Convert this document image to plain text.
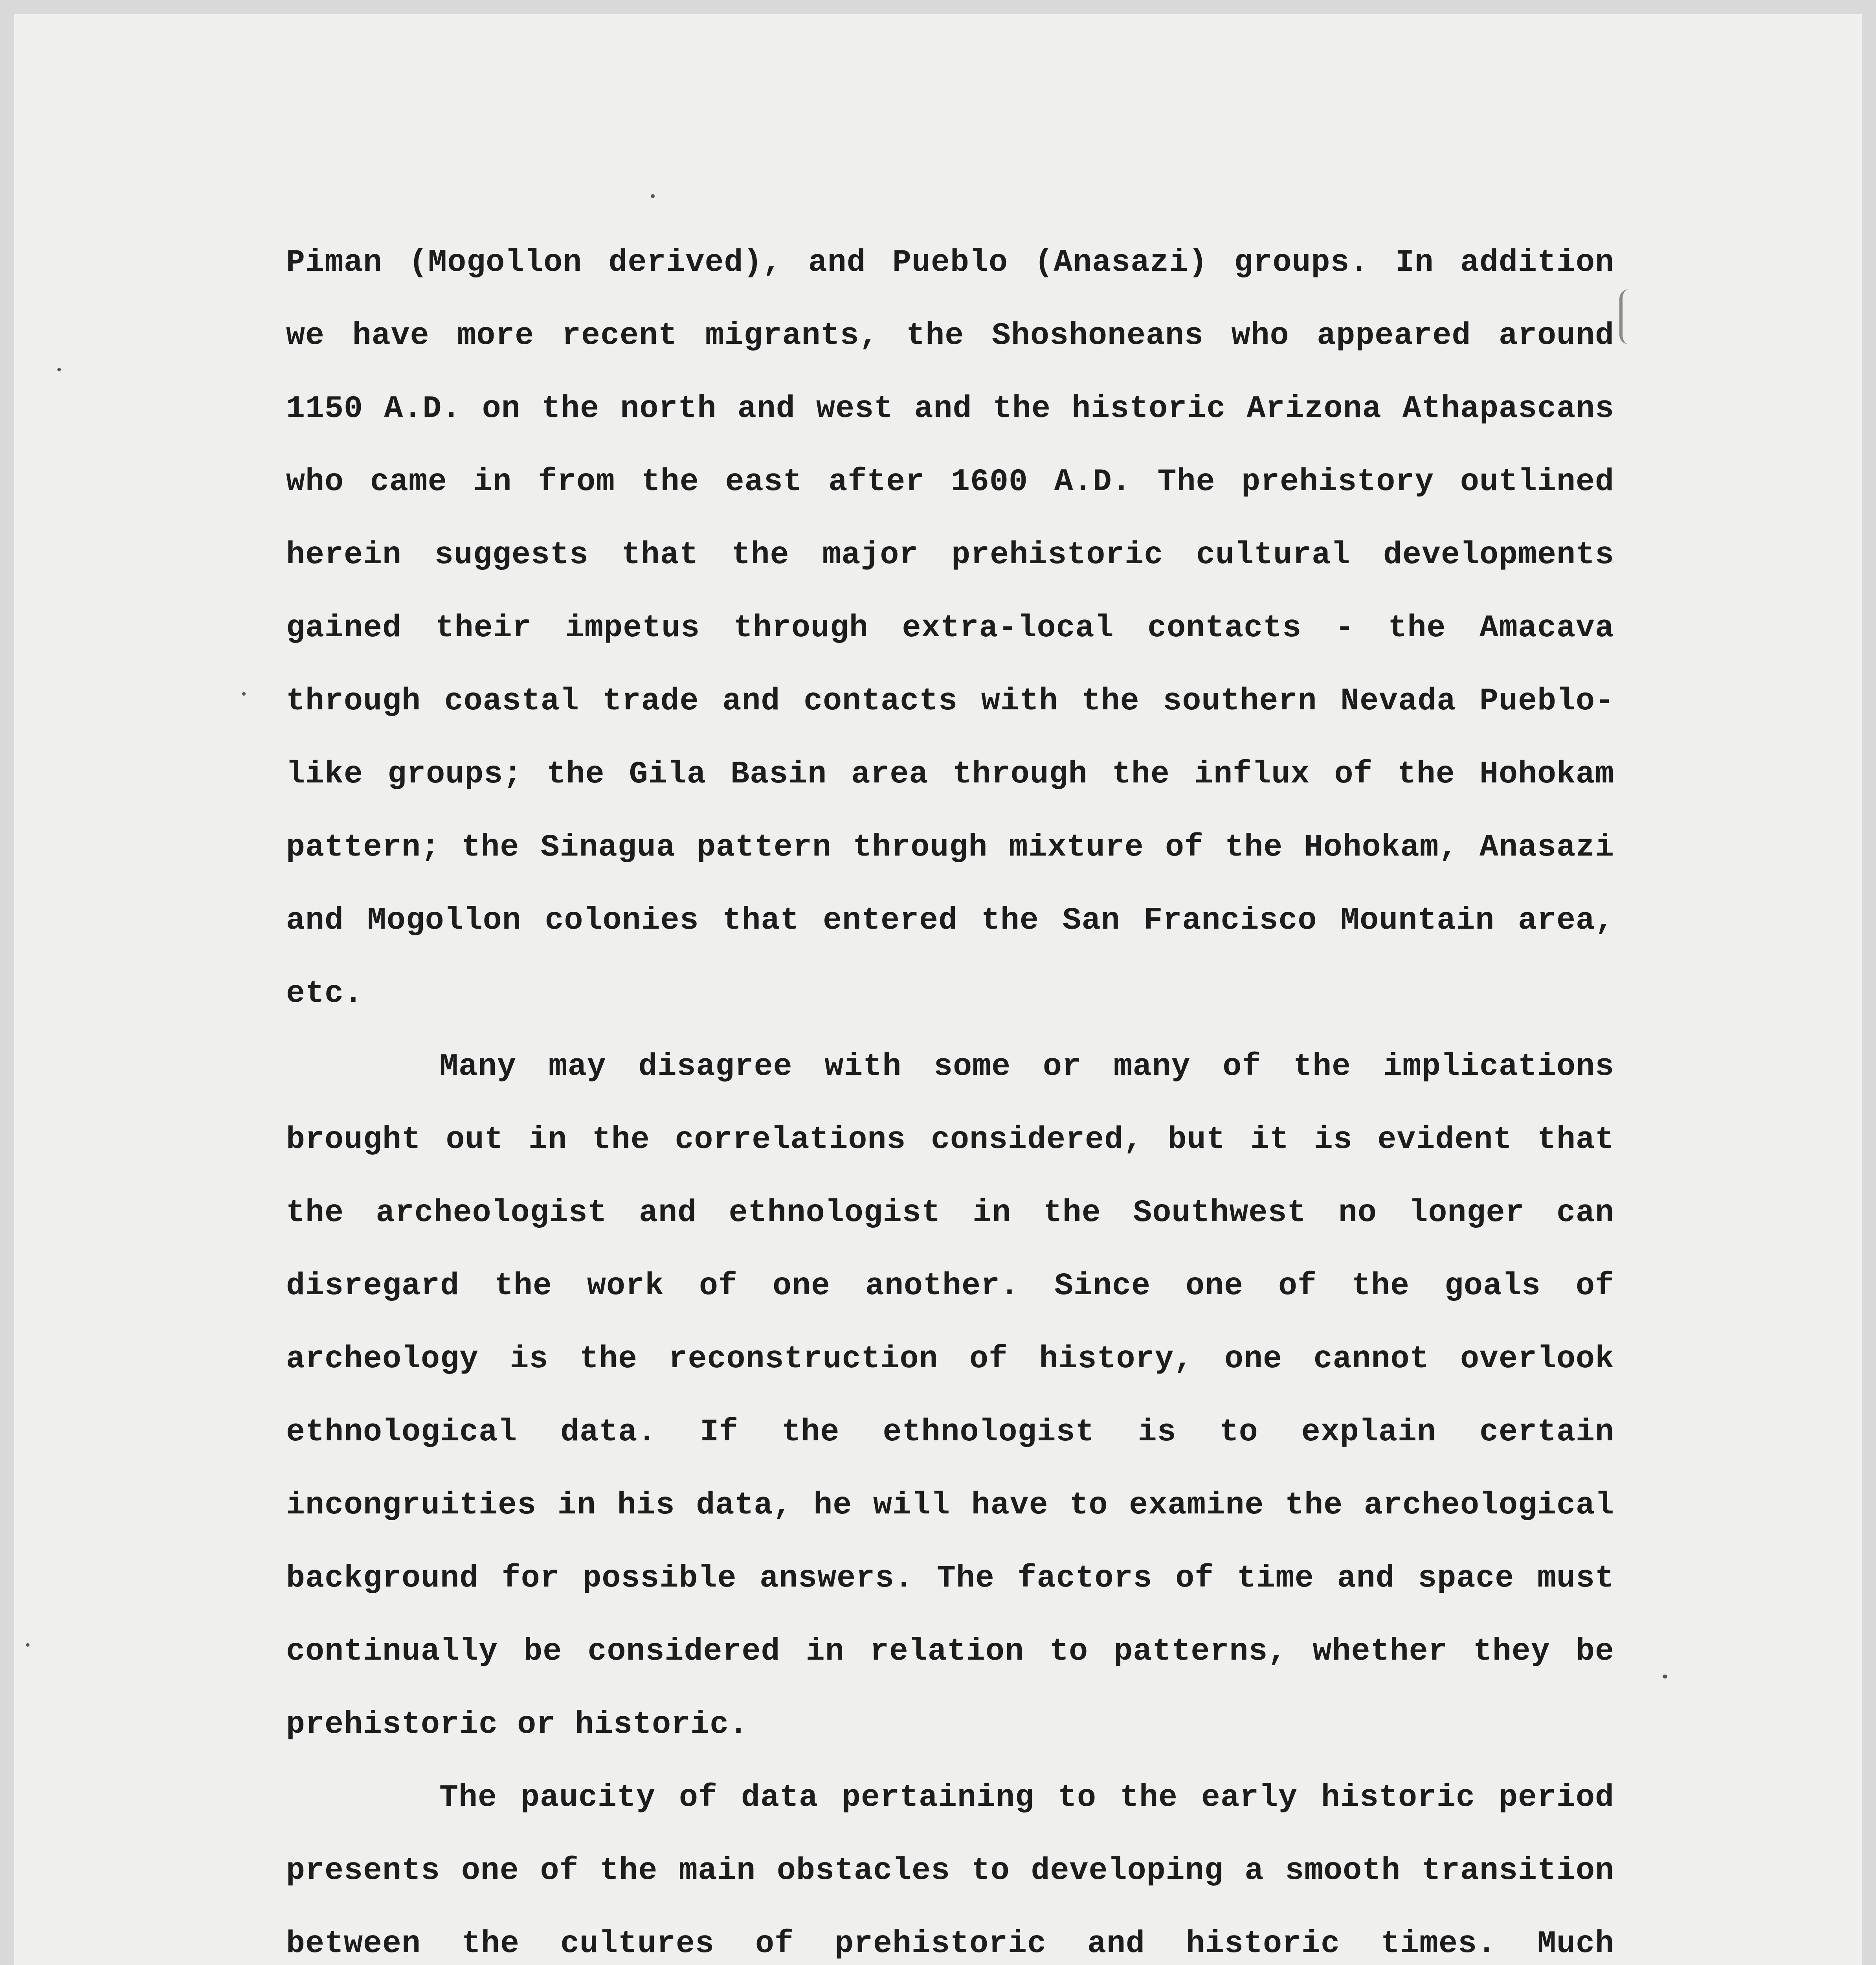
Piman (Mogollon derived), and Pueblo (Anasazi) groups. In addition we have more recent migrants, the Shoshoneans who appeared around 1150 A.D. on the north and west and the historic Arizona Athapascans who came in from the east after 1600 A.D. The prehistory outlined herein suggests that the major prehistoric cultural developments gained their impetus through extra-local contacts - the Amacava through coastal trade and contacts with the southern Nevada Pueblo-like groups; the Gila Basin area through the influx of the Hohokam pattern; the Sinagua pattern through mixture of the Hohokam, Anasazi and Mogollon colonies that entered the San Francisco Mountain area, etc.

Many may disagree with some or many of the implications brought out in the correlations considered, but it is evident that the archeologist and ethnologist in the Southwest no longer can disregard the work of one another. Since one of the goals of archeology is the reconstruction of history, one cannot overlook ethnological data. If the ethnologist is to explain certain incongruities in his data, he will have to examine the archeological background for possible answers. The factors of time and space must continually be considered in relation to patterns, whether they be prehistoric or historic.

The paucity of data pertaining to the early historic period presents one of the main obstacles to developing a smooth transition between the cultures of prehistoric and historic times. Much
